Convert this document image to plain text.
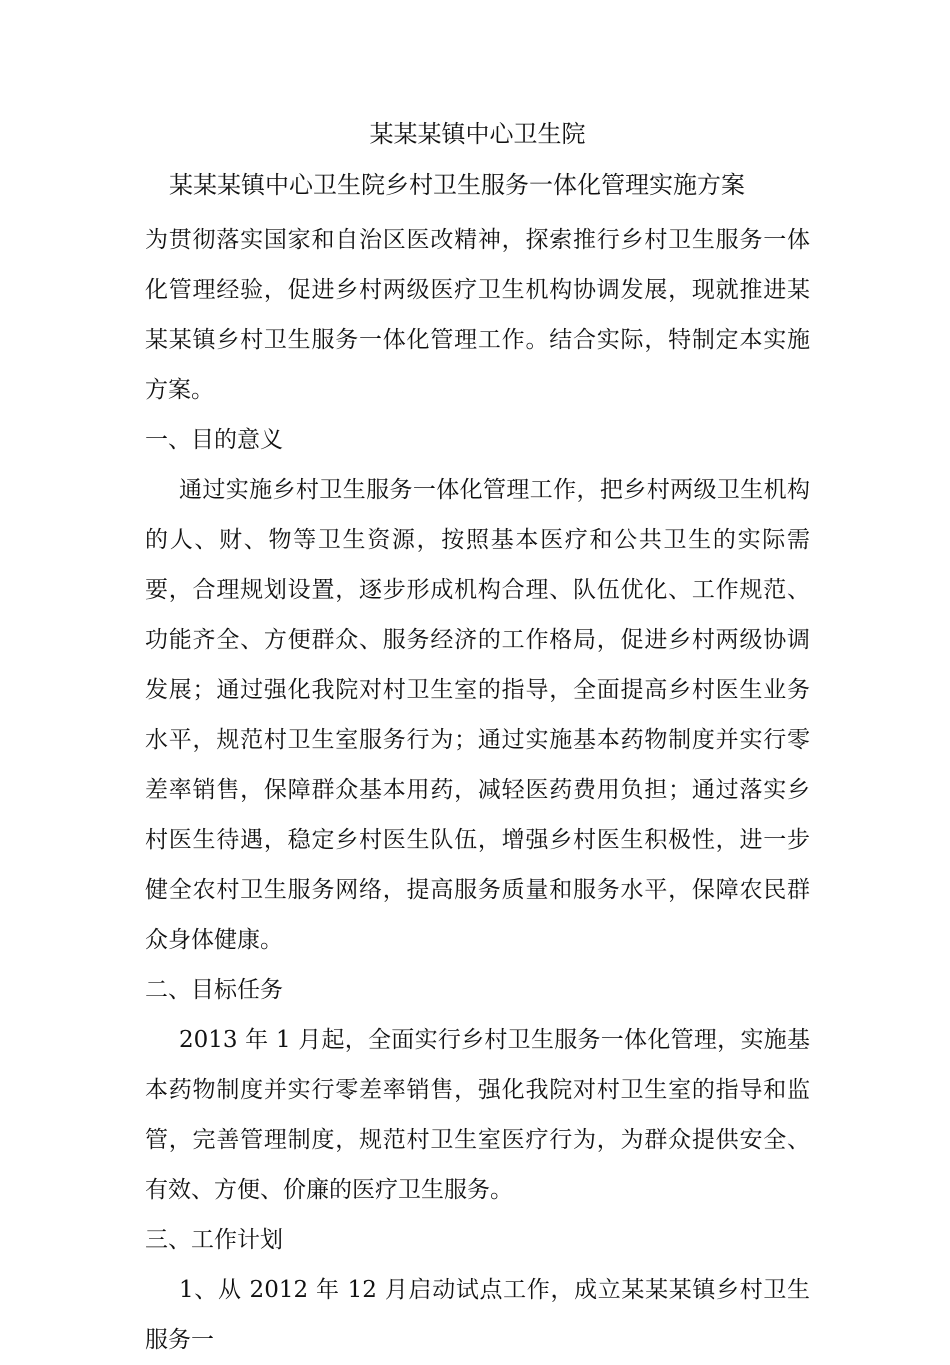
某某某镇中心卫生院
某某某镇中心卫生院乡村卫生服务一体化管理实施方案

为贯彻落实国家和自治区医改精神，探索推行乡村卫生服务一体化管理经验，促进乡村两级医疗卫生机构协调发展，现就推进某某某镇乡村卫生服务一体化管理工作。结合实际，特制定本实施方案。

一、目的意义

通过实施乡村卫生服务一体化管理工作，把乡村两级卫生机构的人、财、物等卫生资源，按照基本医疗和公共卫生的实际需要，合理规划设置，逐步形成机构合理、队伍优化、工作规范、功能齐全、方便群众、服务经济的工作格局，促进乡村两级协调发展；通过强化我院对村卫生室的指导，全面提高乡村医生业务水平，规范村卫生室服务行为；通过实施基本药物制度并实行零差率销售，保障群众基本用药，减轻医药费用负担；通过落实乡村医生待遇，稳定乡村医生队伍，增强乡村医生积极性，进一步健全农村卫生服务网络，提高服务质量和服务水平，保障农民群众身体健康。

二、目标任务

2013 年 1 月起，全面实行乡村卫生服务一体化管理，实施基本药物制度并实行零差率销售，强化我院对村卫生室的指导和监管，完善管理制度，规范村卫生室医疗行为，为群众提供安全、有效、方便、价廉的医疗卫生服务。

三、工作计划

1、从 2012 年 12 月启动试点工作，成立某某某镇乡村卫生服务一
